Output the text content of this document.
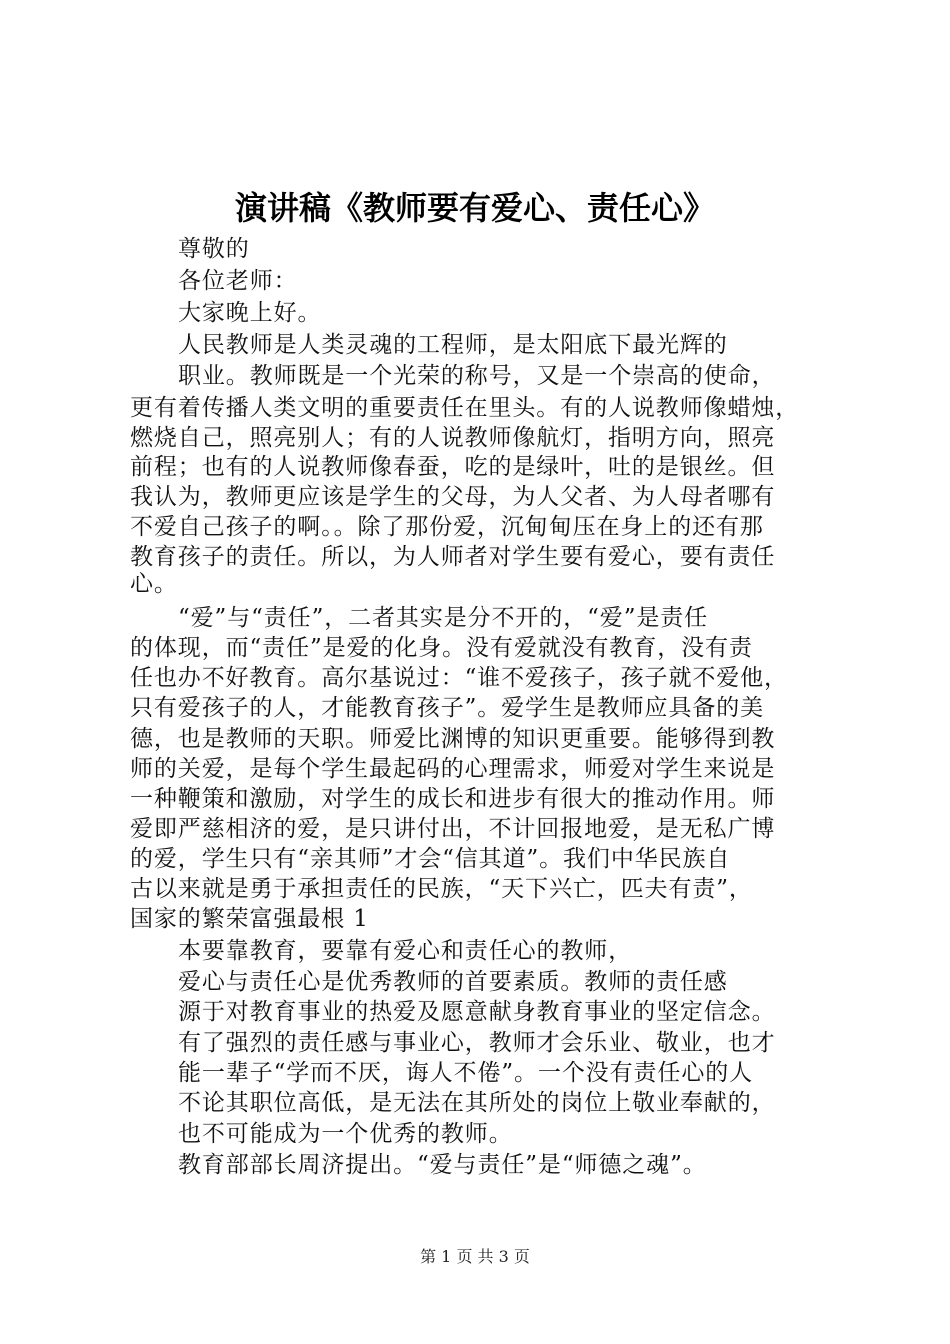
演讲稿《教师要有爱心、责任心》
尊敬的
各位老师：
大家晚上好。
人民教师是人类灵魂的工程师，是太阳底下最光辉的
职业。教师既是一个光荣的称号，又是一个崇高的使命，
更有着传播人类文明的重要责任在里头。有的人说教师像蜡烛，
燃烧自己，照亮别人；有的人说教师像航灯，指明方向，照亮
前程；也有的人说教师像春蚕，吃的是绿叶，吐的是银丝。但
我认为，教师更应该是学生的父母，为人父者、为人母者哪有
不爱自己孩子的啊。。除了那份爱，沉甸甸压在身上的还有那
教育孩子的责任。所以，为人师者对学生要有爱心，要有责任
心。
“爱”与“责任”，二者其实是分不开的，“爱”是责任
的体现，而“责任”是爱的化身。没有爱就没有教育，没有责
任也办不好教育。高尔基说过：“谁不爱孩子，孩子就不爱他，
只有爱孩子的人，才能教育孩子”。爱学生是教师应具备的美
德，也是教师的天职。师爱比渊博的知识更重要。能够得到教
师的关爱，是每个学生最起码的心理需求，师爱对学生来说是
一种鞭策和激励，对学生的成长和进步有很大的推动作用。师
爱即严慈相济的爱，是只讲付出，不计回报地爱，是无私广博
的爱，学生只有“亲其师”才会“信其道”。我们中华民族自
古以来就是勇于承担责任的民族，“天下兴亡，匹夫有责”，
国家的繁荣富强最根 1
本要靠教育，要靠有爱心和责任心的教师，
爱心与责任心是优秀教师的首要素质。教师的责任感
源于对教育事业的热爱及愿意献身教育事业的坚定信念。
有了强烈的责任感与事业心，教师才会乐业、敬业，也才
能一辈子“学而不厌，诲人不倦”。一个没有责任心的人
不论其职位高低，是无法在其所处的岗位上敬业奉献的，
也不可能成为一个优秀的教师。
教育部部长周济提出。“爱与责任”是“师德之魂”。
第 1 页 共 3 页
